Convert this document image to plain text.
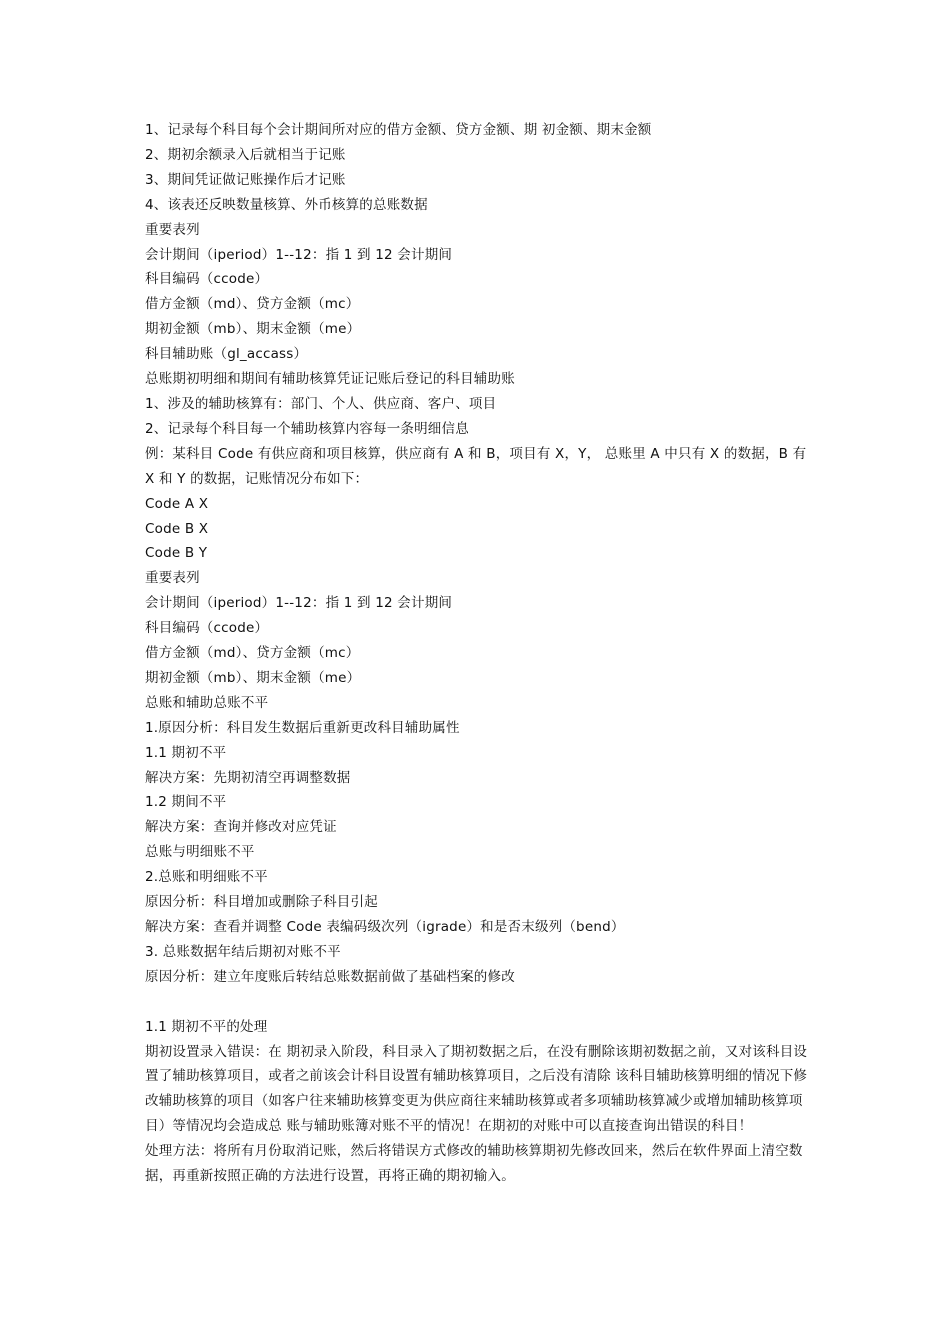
1、记录每个科目每个会计期间所对应的借方金额、贷方金额、期 初金额、期末金额

2、期初余额录入后就相当于记账

3、期间凭证做记账操作后才记账

4、该表还反映数量核算、外币核算的总账数据

重要表列

会计期间（iperiod）1--12：指 1 到 12 会计期间

科目编码（ccode）

借方金额（md）、贷方金额（mc）

期初金额（mb）、期末金额（me）

科目辅助账（gl_accass）

总账期初明细和期间有辅助核算凭证记账后登记的科目辅助账

1、涉及的辅助核算有：部门、个人、供应商、客户、项目

2、记录每个科目每一个辅助核算内容每一条明细信息

例：某科目 Code 有供应商和项目核算，供应商有 A 和 B，项目有 X，Y， 总账里 A 中只有 X 的数据，B 有 X 和 Y 的数据，记账情况分布如下：

Code A X

Code B X

Code B Y

重要表列

会计期间（iperiod）1--12：指 1 到 12 会计期间

科目编码（ccode）

借方金额（md）、贷方金额（mc）

期初金额（mb）、期末金额（me）

总账和辅助总账不平

1.原因分析：科目发生数据后重新更改科目辅助属性

1.1 期初不平

解决方案：先期初清空再调整数据

1.2 期间不平

解决方案：查询并修改对应凭证

总账与明细账不平

2.总账和明细账不平

原因分析：科目增加或删除子科目引起

解决方案：查看并调整 Code 表编码级次列（igrade）和是否末级列（bend）

3. 总账数据年结后期初对账不平

原因分析：建立年度账后转结总账数据前做了基础档案的修改

1.1 期初不平的处理

期初设置录入错误：在 期初录入阶段，科目录入了期初数据之后，在没有删除该期初数据之前，又对该科目设置了辅助核算项目，或者之前该会计科目设置有辅助核算项目，之后没有清除 该科目辅助核算明细的情况下修改辅助核算的项目（如客户往来辅助核算变更为供应商往来辅助核算或者多项辅助核算减少或增加辅助核算项目）等情况均会造成总 账与辅助账簿对账不平的情况！在期初的对账中可以直接查询出错误的科目！

处理方法：将所有月份取消记账，然后将错误方式修改的辅助核算期初先修改回来，然后在软件界面上清空数据，再重新按照正确的方法进行设置，再将正确的期初输入。
